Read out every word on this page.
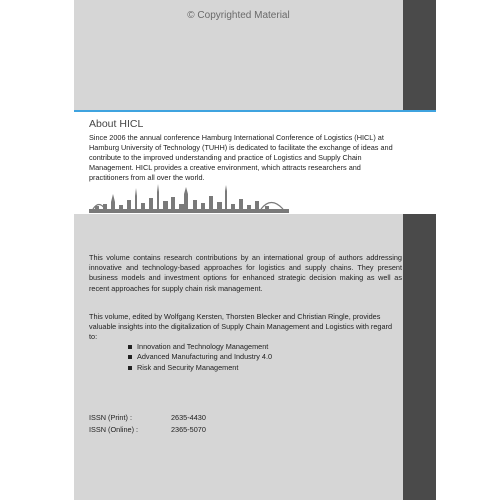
© Copyrighted Material
About HICL
Since 2006 the annual conference Hamburg International Conference of Logistics (HICL) at Hamburg University of Technology (TUHH) is dedicated to facilitate the exchange of ideas and contribute to the improved understanding and practice of Logistics and Supply Chain Management. HICL provides a creative environment, which attracts researchers and practitioners from all over the world.
This volume contains research contributions by an international group of authors addressing innovative and technology-based approaches for logistics and supply chains. They present business models and investment options for enhanced strategic decision making as well as recent approaches for supply chain risk management.
This volume, edited by Wolfgang Kersten, Thorsten Blecker and Christian Ringle, provides valuable insights into the digitalization of Supply Chain Management and Logistics with regard to:
Innovation and Technology Management
Advanced Manufacturing and Industry 4.0
Risk and Security Management
ISSN (Print) :	2635-4430
ISSN (Online) :	2365-5070
